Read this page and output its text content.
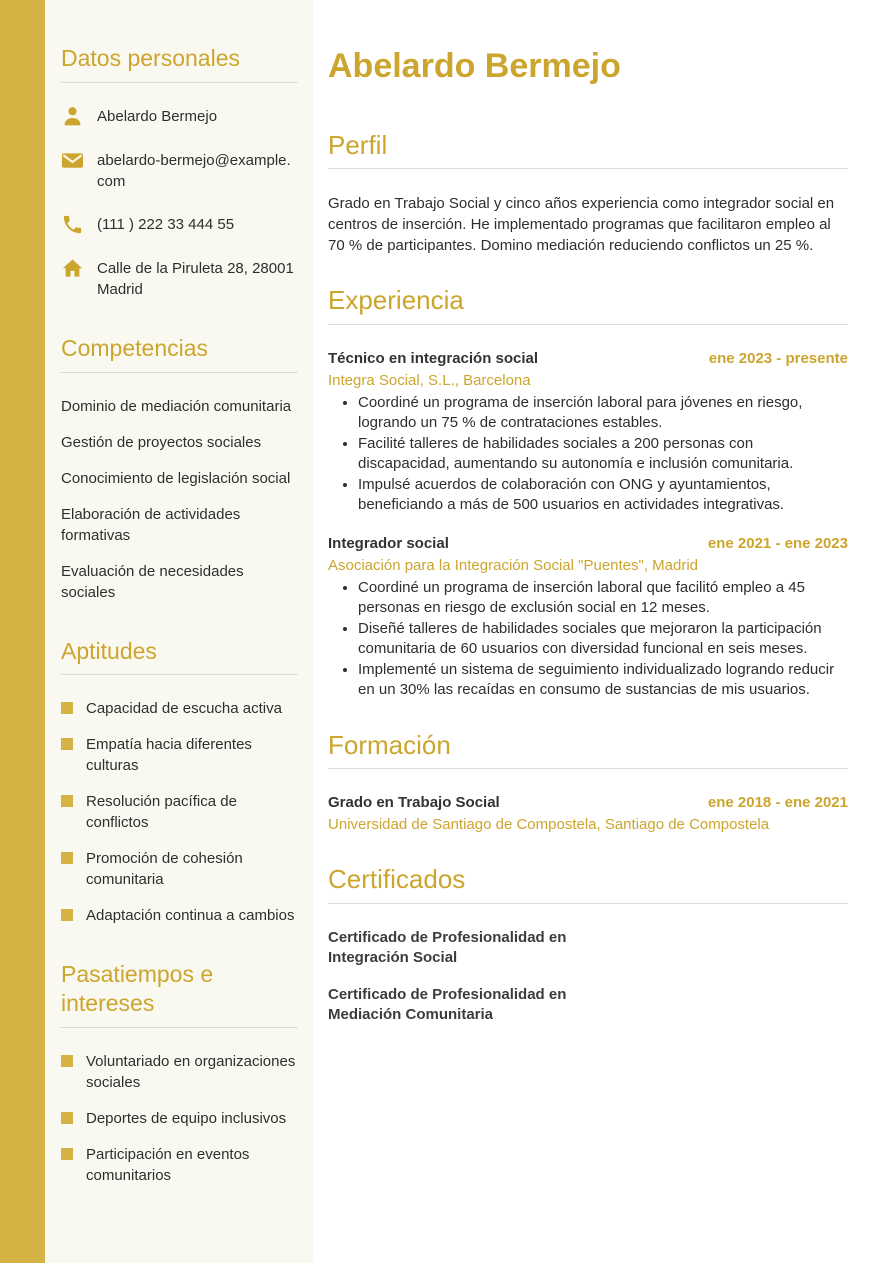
Datos personales
Abelardo Bermejo
abelardo-bermejo@example.com
(111 ) 222 33 444 55
Calle de la Piruleta 28, 28001 Madrid
Competencias
Dominio de mediación comunitaria
Gestión de proyectos sociales
Conocimiento de legislación social
Elaboración de actividades formativas
Evaluación de necesidades sociales
Aptitudes
Capacidad de escucha activa
Empatía hacia diferentes culturas
Resolución pacífica de conflictos
Promoción de cohesión comunitaria
Adaptación continua a cambios
Pasatiempos e intereses
Voluntariado en organizaciones sociales
Deportes de equipo inclusivos
Participación en eventos comunitarios
Abelardo Bermejo
Perfil

Grado en Trabajo Social y cinco años experiencia como integrador social en centros de inserción. He implementado programas que facilitaron empleo al 70 % de participantes. Domino mediación reduciendo conflictos un 25 %.

Experiencia
Técnico en integración social	ene 2023 - presente
Integra Social, S.L., Barcelona
• Coordiné un programa de inserción laboral para jóvenes en riesgo, logrando un 75 % de contrataciones estables.
• Facilité talleres de habilidades sociales a 200 personas con discapacidad, aumentando su autonomía e inclusión comunitaria.
• Impulsé acuerdos de colaboración con ONG y ayuntamientos, beneficiando a más de 500 usuarios en actividades integrativas.
Integrador social	ene 2021 - ene 2023
Asociación para la Integración Social "Puentes", Madrid
• Coordiné un programa de inserción laboral que facilitó empleo a 45 personas en riesgo de exclusión social en 12 meses.
• Diseñé talleres de habilidades sociales que mejoraron la participación comunitaria de 60 usuarios con diversidad funcional en seis meses.
• Implementé un sistema de seguimiento individualizado logrando reducir en un 30% las recaídas en consumo de sustancias de mis usuarios.
Formación
Grado en Trabajo Social	ene 2018 - ene 2021
Universidad de Santiago de Compostela, Santiago de Compostela
Certificados
Certificado de Profesionalidad en Integración Social
Certificado de Profesionalidad en Mediación Comunitaria
